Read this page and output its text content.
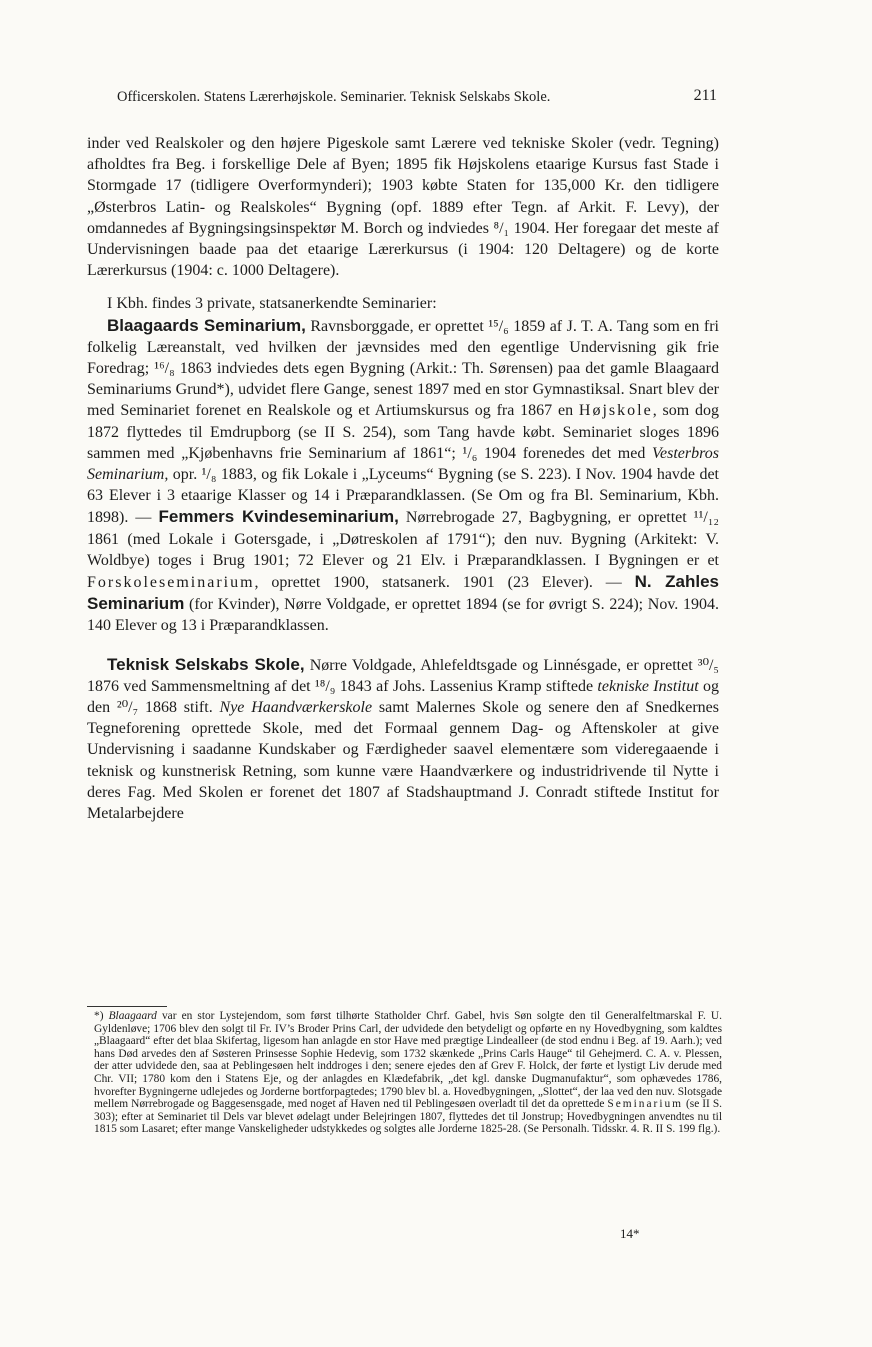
Officerskolen. Statens Lærerhøjskole. Seminarier. Teknisk Selskabs Skole.	211

inder ved Realskoler og den højere Pigeskole samt Lærere ved tekniske Skoler (vedr. Tegning) afholdtes fra Beg. i forskellige Dele af Byen; 1895 fik Højskolens etaarige Kursus fast Stade i Stormgade 17 (tidligere Overformynderi); 1903 købte Staten for 135,000 Kr. den tidligere „Østerbros Latin- og Realskoles“ Bygning (opf. 1889 efter Tegn. af Arkit. F. Levy), der omdannedes af Bygningsingsinspektør M. Borch og indviedes ⁸/₁ 1904. Her foregaar det meste af Undervisningen baade paa det etaarige Lærerkursus (i 1904: 120 Deltagere) og de korte Lærerkursus (1904: c. 1000 Deltagere).

I Kbh. findes 3 private, statsanerkendte Seminarier:

Blaagaards Seminarium, Ravnsborggade, er oprettet ¹⁵/₆ 1859 af J. T. A. Tang som en fri folkelig Læreanstalt, ved hvilken der jævnsides med den egentlige Undervisning gik frie Foredrag; ¹⁶/₈ 1863 indviedes dets egen Bygning (Arkit.: Th. Sørensen) paa det gamle Blaagaard Seminariums Grund*), udvidet flere Gange, senest 1897 med en stor Gymnastiksal. Snart blev der med Seminariet forenet en Realskole og et Artiumskursus og fra 1867 en Højskole, som dog 1872 flyttedes til Emdrupborg (se II S. 254), som Tang havde købt. Seminariet sloges 1896 sammen med „Kjøbenhavns frie Seminarium af 1861“; ¹/₆ 1904 forenedes det med Vesterbros Seminarium, opr. ¹/₈ 1883, og fik Lokale i „Lyceums“ Bygning (se S. 223). I Nov. 1904 havde det 63 Elever i 3 etaarige Klasser og 14 i Præparandklassen. (Se Om og fra Bl. Seminarium, Kbh. 1898). — Femmers Kvindeseminarium, Nørrebrogade 27, Bagbygning, er oprettet ¹¹/₁₂ 1861 (med Lokale i Gotersgade, i „Døtreskolen af 1791“); den nuv. Bygning (Arkitekt: V. Woldbye) toges i Brug 1901; 72 Elever og 21 Elv. i Præparandklassen. I Bygningen er et Forskoleseminarium, oprettet 1900, statsanerk. 1901 (23 Elever). — N. Zahles Seminarium (for Kvinder), Nørre Voldgade, er oprettet 1894 (se for øvrigt S. 224); Nov. 1904. 140 Elever og 13 i Præparandklassen.

Teknisk Selskabs Skole, Nørre Voldgade, Ahlefeldtsgade og Linnésgade, er oprettet ³⁰/₅ 1876 ved Sammensmeltning af det ¹⁸/₉ 1843 af Johs. Lassenius Kramp stiftede tekniske Institut og den ²⁰/₇ 1868 stift. Nye Haandværkerskole samt Malernes Skole og senere den af Snedkernes Tegneforening oprettede Skole, med det Formaal gennem Dag- og Aftenskoler at give Undervisning i saadanne Kundskaber og Færdigheder saavel elementære som videregaaende i teknisk og kunstnerisk Retning, som kunne være Haandværkere og industridrivende til Nytte i deres Fag. Med Skolen er forenet det 1807 af Stadshauptmand J. Conradt stiftede Institut for Metalarbejdere

*) Blaagaard var en stor Lystejendom, som først tilhørte Statholder Chrf. Gabel, hvis Søn solgte den til Generalfeltmarskal F. U. Gyldenløve; 1706 blev den solgt til Fr. IV’s Broder Prins Carl, der udvidede den betydeligt og opførte en ny Hovedbygning, som kaldtes „Blaagaard“ efter det blaa Skifertag, ligesom han anlagde en stor Have med prægtige Lindealleer (de stod endnu i Beg. af 19. Aarh.); ved hans Død arvedes den af Søsteren Prinsesse Sophie Hedevig, som 1732 skænkede „Prins Carls Hauge“ til Gehejmerd. C. A. v. Plessen, der atter udvidede den, saa at Peblingesøen helt inddroges i den; senere ejedes den af Grev F. Holck, der førte et lystigt Liv derude med Chr. VII; 1780 kom den i Statens Eje, og der anlagdes en Klædefabrik, „det kgl. danske Dugmanufaktur“, som ophævedes 1786, hvorefter Bygningerne udlejedes og Jorderne bortforpagtedes; 1790 blev bl. a. Hovedbygningen, „Slottet“, der laa ved den nuv. Slotsgade mellem Nørrebrogade og Baggesensgade, med noget af Haven ned til Peblingesøen overladt til det da oprettede Seminarium (se II S. 303); efter at Seminariet til Dels var blevet ødelagt under Belejringen 1807, flyttedes det til Jonstrup; Hovedbygningen anvendtes nu til 1815 som Lasaret; efter mange Vanskeligheder udstykkedes og solgtes alle Jorderne 1825-28. (Se Personalh. Tidsskr. 4. R. II S. 199 flg.).
14*
